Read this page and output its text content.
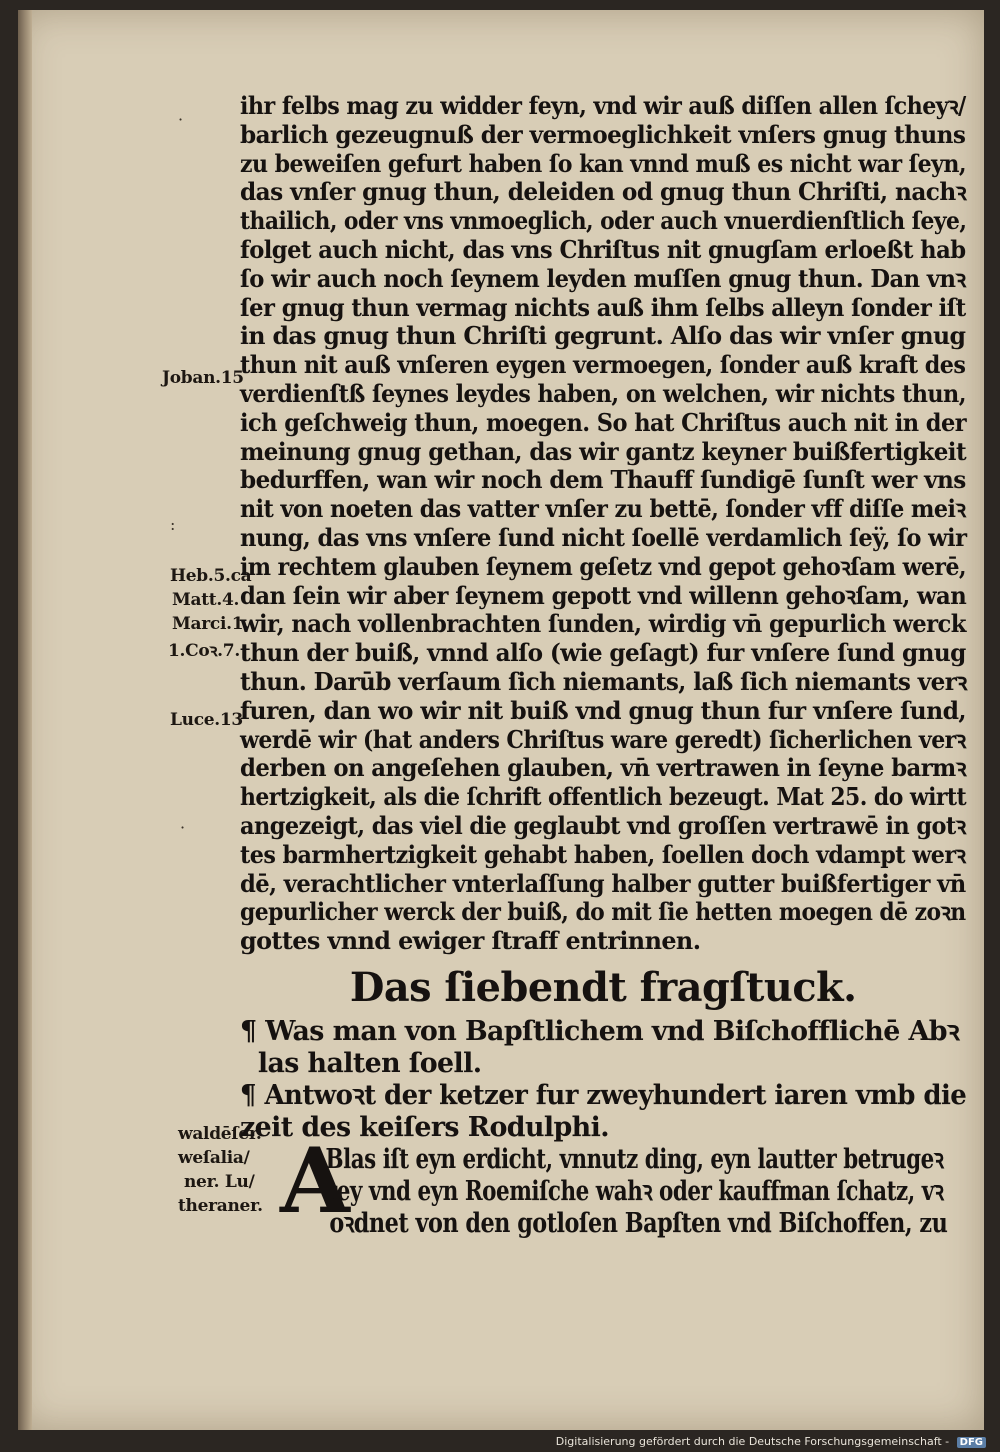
·
:
·
Joban.15
Heb.5.ca
Matt.4.
Marci.1.
1.Coꝛ.7.
Luce.13
waldēſer.
weſalia/
ner. Lu/
theraner.
ihr felbs mag zu widder feyn, vnd wir auß diſſen allen ſcheyꝛ/
barlich gezeugnuß der vermoeglichkeit vnſers gnug thuns
zu beweiſen gefurt haben ſo kan vnnd muß es nicht war ſeyn,
das vnſer gnug thun, deleiden od gnug thun Chriſti, nachꝛ
thailich, oder vns vnmoeglich, oder auch vnuerdienſtlich ſeye,
folget auch nicht, das vns Chriſtus nit gnugſam erloeßt hab
ſo wir auch noch ſeynem leyden muſſen gnug thun. Dan vnꝛ
ſer gnug thun vermag nichts auß ihm ſelbs alleyn ſonder iſt
in das gnug thun Chriſti gegrunt. Alſo das wir vnſer gnug
thun nit auß vnſeren eygen vermoegen, ſonder auß kraft des
verdienſtß ſeynes leydes haben, on welchen, wir nichts thun,
ich geſchweig thun, moegen. So hat Chriſtus auch nit in der
meinung gnug gethan, das wir gantz keyner buißfertigkeit
bedurffen, wan wir noch dem Thauff ſundigē ſunſt wer vns
nit von noeten das vatter vnſer zu bettē, ſonder vff diſſe meiꝛ
nung, das vns vnſere ſund nicht ſoellē verdamlich ſeÿ, ſo wir
im rechtem glauben ſeynem geſetz vnd gepot gehoꝛſam werē,
dan ſein wir aber ſeynem gepott vnd willenn gehoꝛſam, wan
wir, nach vollenbrachten ſunden, wirdig vn̄ gepurlich werck
thun der buiß, vnnd alſo (wie geſagt) fur vnſere ſund gnug
thun. Darūb verſaum ſich niemants, laß ſich niemants verꝛ
furen, dan wo wir nit buiß vnd gnug thun fur vnſere ſund,
werdē wir (hat anders Chriſtus ware geredt) ſicherlichen verꝛ
derben on angeſehen glauben, vn̄ vertrawen in ſeyne barmꝛ
hertzigkeit, als die ſchrift offentlich bezeugt. Mat 25. do wirtt
angezeigt, das viel die geglaubt vnd groſſen vertrawē in gotꝛ
tes barmhertzigkeit gehabt haben, ſoellen doch vdampt werꝛ
dē, verachtlicher vnterlaſſung halber gutter buißfertiger vn̄
gepurlicher werck der buiß, do mit ſie hetten moegen dē zoꝛn
gottes vnnd ewiger ſtraff entrinnen.
Das ſiebendt fragſtuck.
¶ Was man von Bapſtlichem vnd Biſchofflichē Abꝛ
las halten ſoell.
¶ Antwoꝛt der ketzer fur zweyhundert iaren vmb die
zeit des keiſers Rodulphi.
A
Blas iſt eyn erdicht, vnnutz ding, eyn lautter betrugeꝛ
rey vnd eyn Roemiſche wahꝛ oder kauffman ſchatz, vꝛ
oꝛdnet von den gotloſen Bapſten vnd Biſchoffen, zu
Digitalisierung gefördert durch die Deutsche Forschungsgemeinschaft - DFG
